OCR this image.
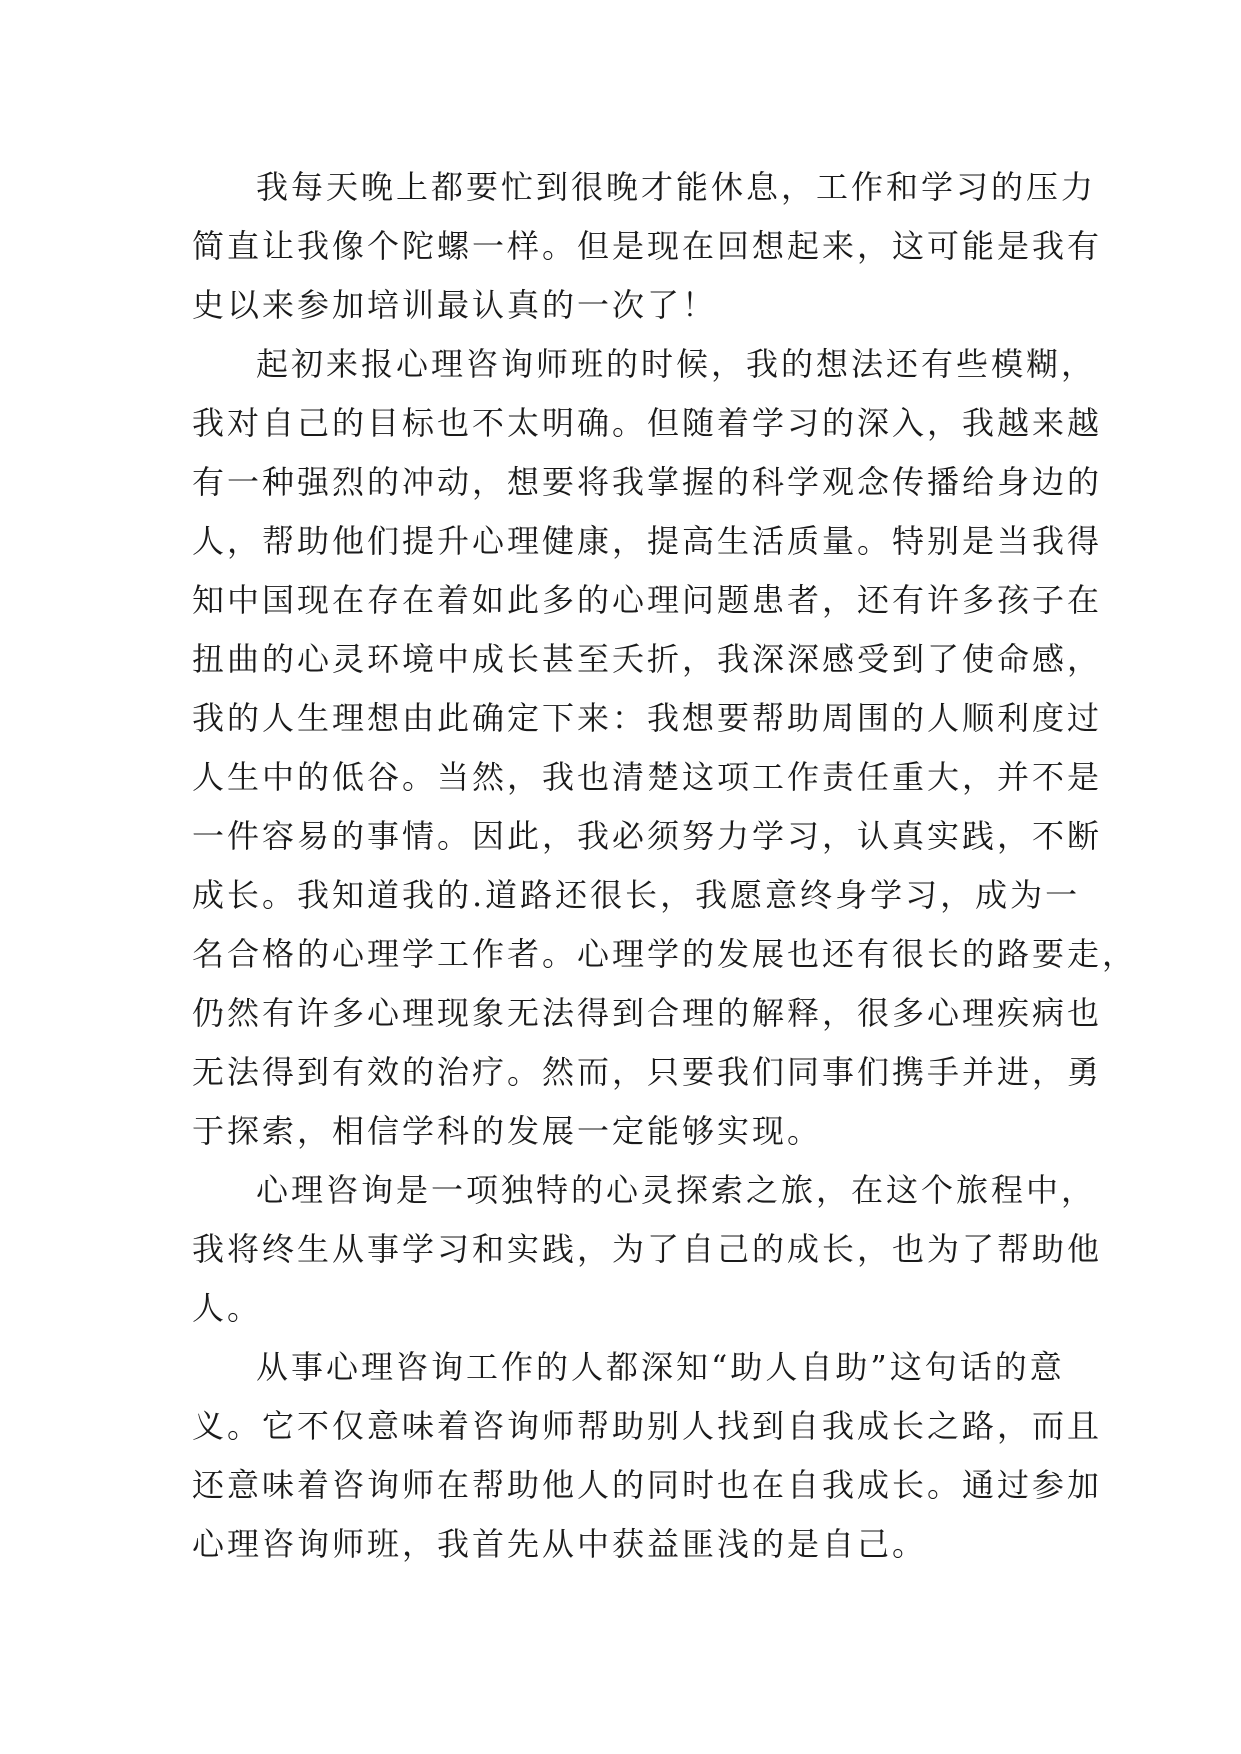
我每天晚上都要忙到很晚才能休息，工作和学习的压力
简直让我像个陀螺一样。但是现在回想起来，这可能是我有
史以来参加培训最认真的一次了！
起初来报心理咨询师班的时候，我的想法还有些模糊，
我对自己的目标也不太明确。但随着学习的深入，我越来越
有一种强烈的冲动，想要将我掌握的科学观念传播给身边的
人，帮助他们提升心理健康，提高生活质量。特别是当我得
知中国现在存在着如此多的心理问题患者，还有许多孩子在
扭曲的心灵环境中成长甚至夭折，我深深感受到了使命感，
我的人生理想由此确定下来：我想要帮助周围的人顺利度过
人生中的低谷。当然，我也清楚这项工作责任重大，并不是
一件容易的事情。因此，我必须努力学习，认真实践，不断
成长。我知道我的.道路还很长，我愿意终身学习，成为一
名合格的心理学工作者。心理学的发展也还有很长的路要走，
仍然有许多心理现象无法得到合理的解释，很多心理疾病也
无法得到有效的治疗。然而，只要我们同事们携手并进，勇
于探索，相信学科的发展一定能够实现。
心理咨询是一项独特的心灵探索之旅，在这个旅程中，
我将终生从事学习和实践，为了自己的成长，也为了帮助他
人。
从事心理咨询工作的人都深知“助人自助”这句话的意
义。它不仅意味着咨询师帮助别人找到自我成长之路，而且
还意味着咨询师在帮助他人的同时也在自我成长。通过参加
心理咨询师班，我首先从中获益匪浅的是自己。
